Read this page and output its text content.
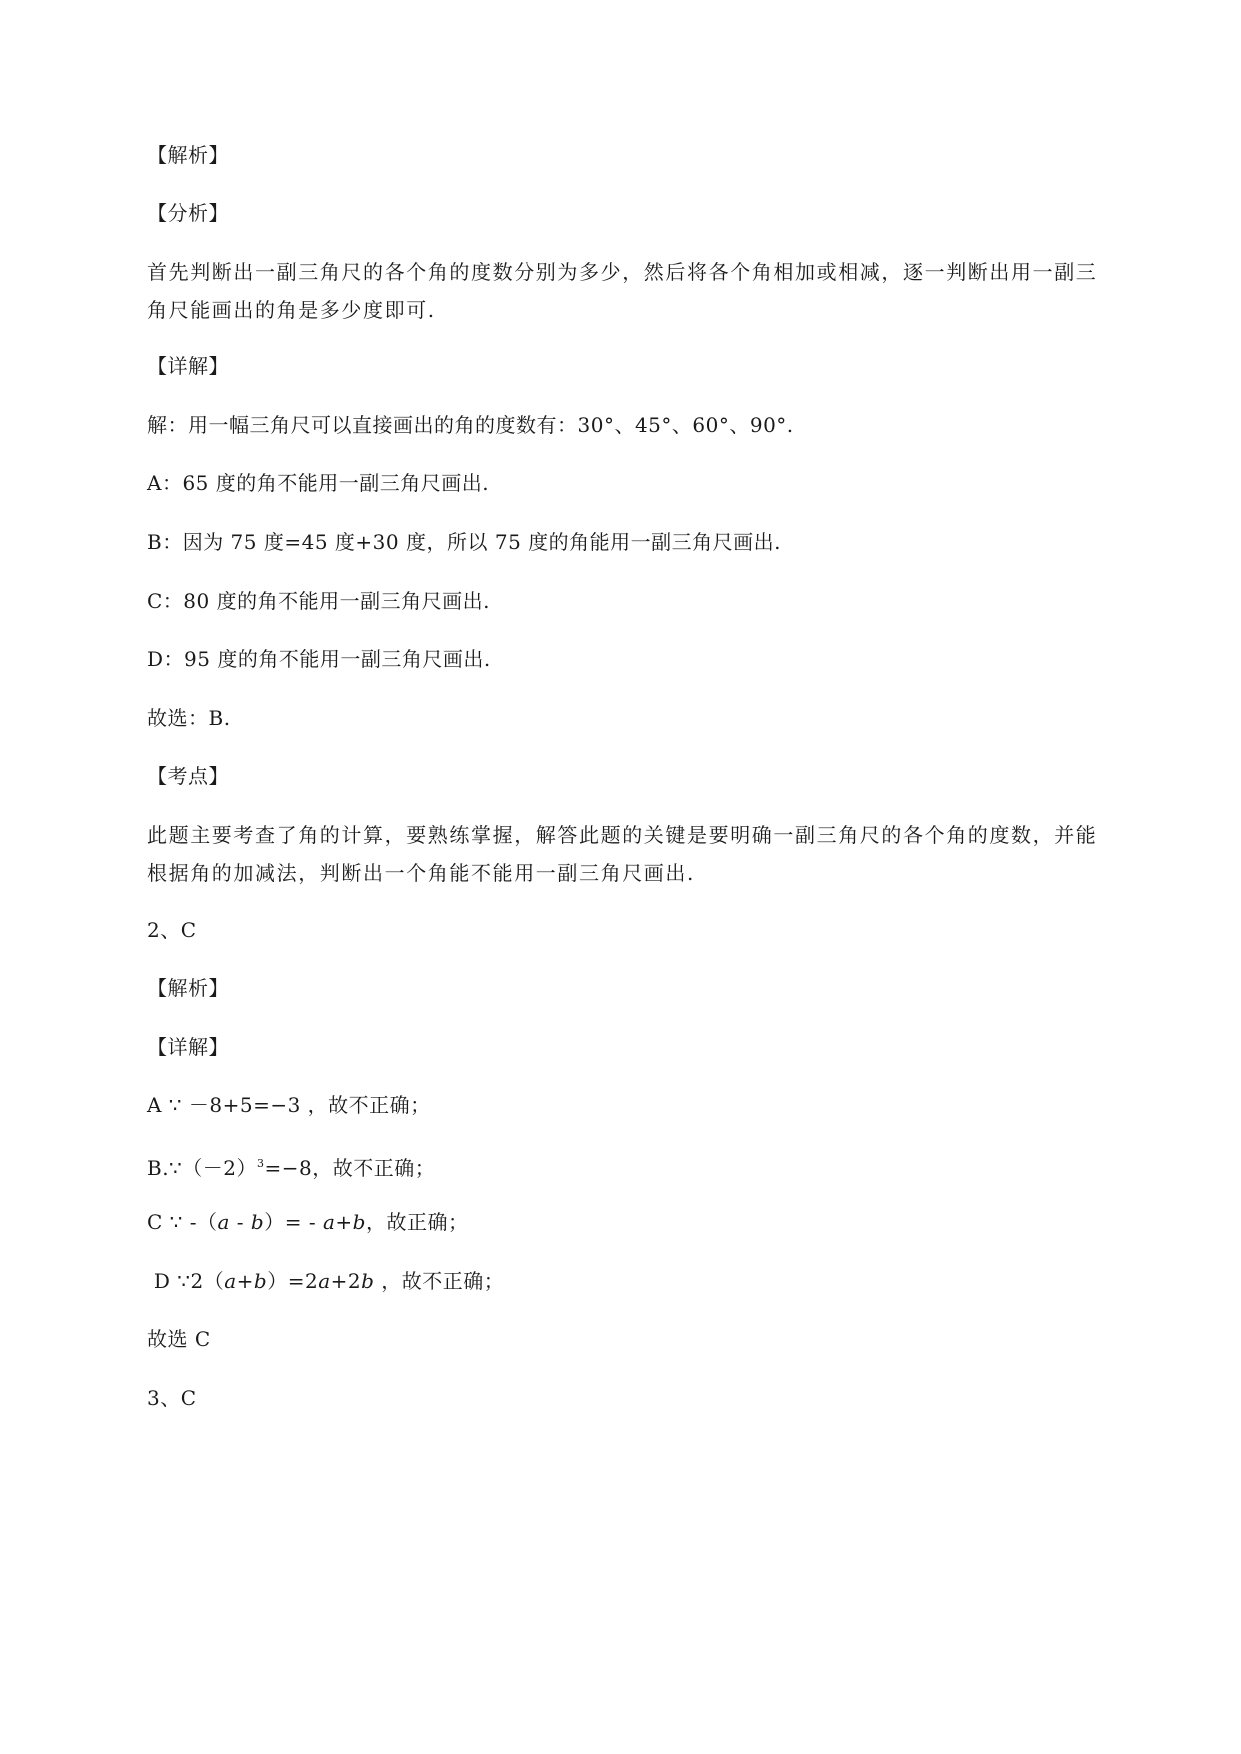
【解析】
【分析】
首先判断出一副三角尺的各个角的度数分别为多少，然后将各个角相加或相减，逐一判断出用一副三
角尺能画出的角是多少度即可.
【详解】
解：用一幅三角尺可以直接画出的角的度数有：30°、45°、60°、90°.
A：65 度的角不能用一副三角尺画出.
B：因为 75 度=45 度+30 度，所以 75 度的角能用一副三角尺画出.
C：80 度的角不能用一副三角尺画出.
D：95 度的角不能用一副三角尺画出.
故选：B.
【考点】
此题主要考查了角的计算，要熟练掌握，解答此题的关键是要明确一副三角尺的各个角的度数，并能
根据角的加减法，判断出一个角能不能用一副三角尺画出.
2、C
【解析】
【详解】
A ∵ －8+5=−3 ，故不正确；
$B.\because(-2)^3=-8$，故不正确；
C ∵ -（a - b）= - a+b，故正确；
D ∵2（a+b）=2a+2b ，故不正确；
故选 C
3、C
